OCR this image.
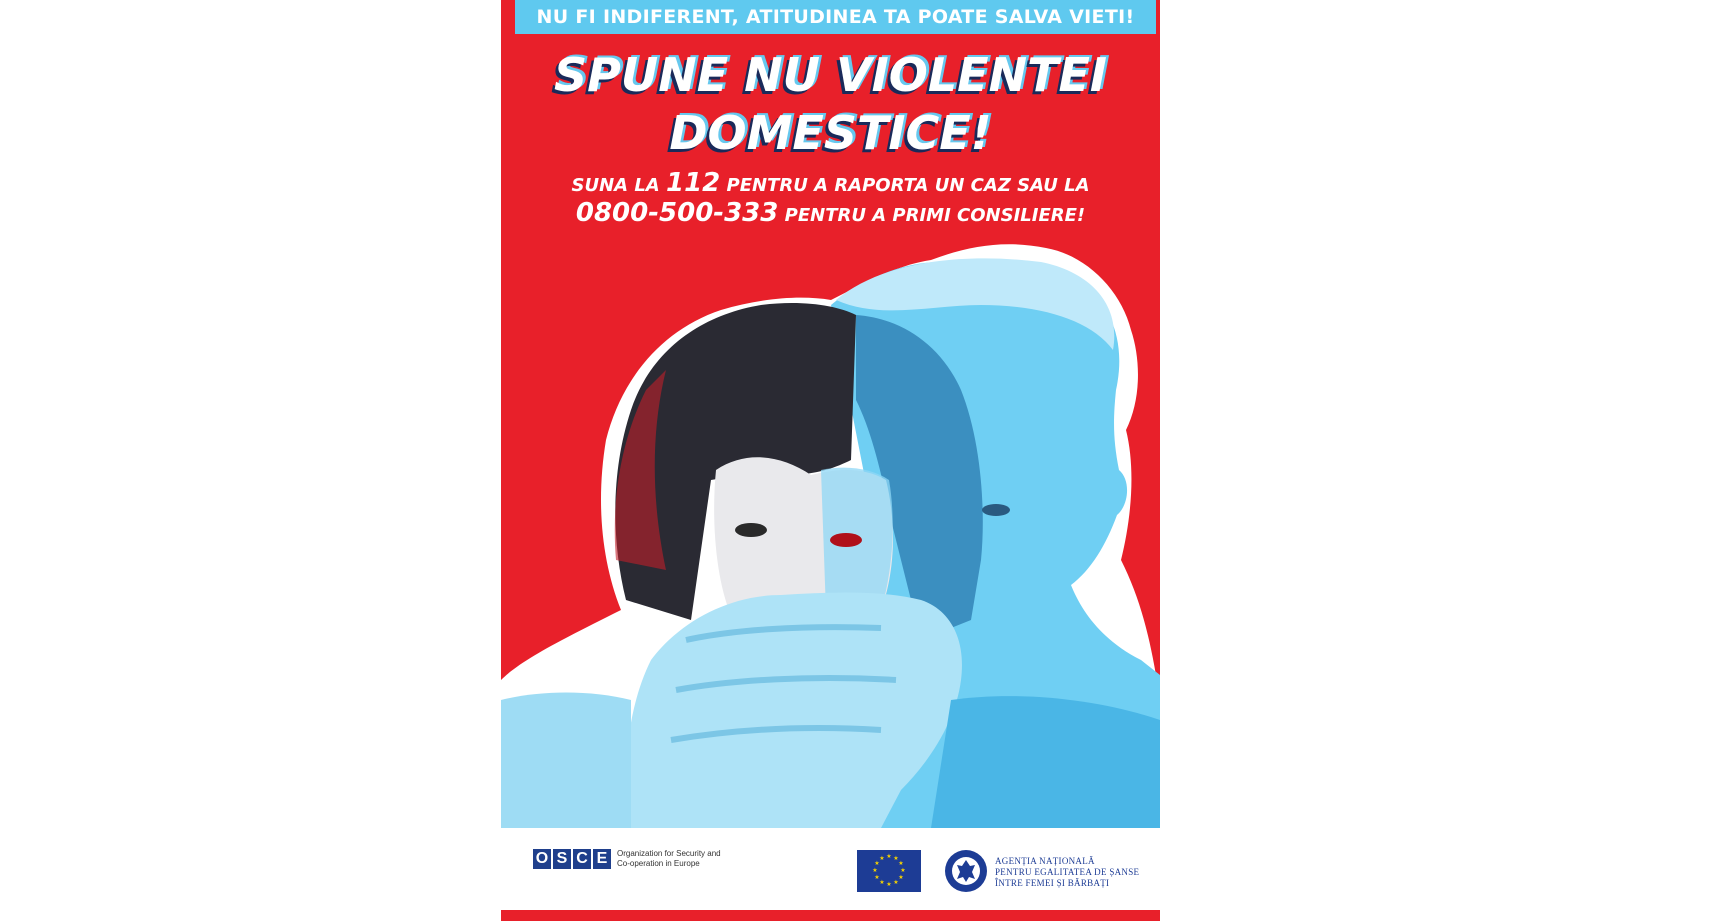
NU FI INDIFERENT, ATITUDINEA TA POATE SALVA VIETI!
SPUNE NU VIOLENTEI
DOMESTICE!
SUNA LA 112 PENTRU A RAPORTA UN CAZ SAU LA
0800-500-333 PENTRU A PRIMI CONSILIERE!
O S C E	Organization for Security and Co-operation in Europe
★ ★
★
★
★
★
★
★
★
★
★
★	AGENȚIA NAȚIONALĂ
PENTRU EGALITATEA DE ȘANSE
ÎNTRE FEMEI ȘI BĂRBAȚI
